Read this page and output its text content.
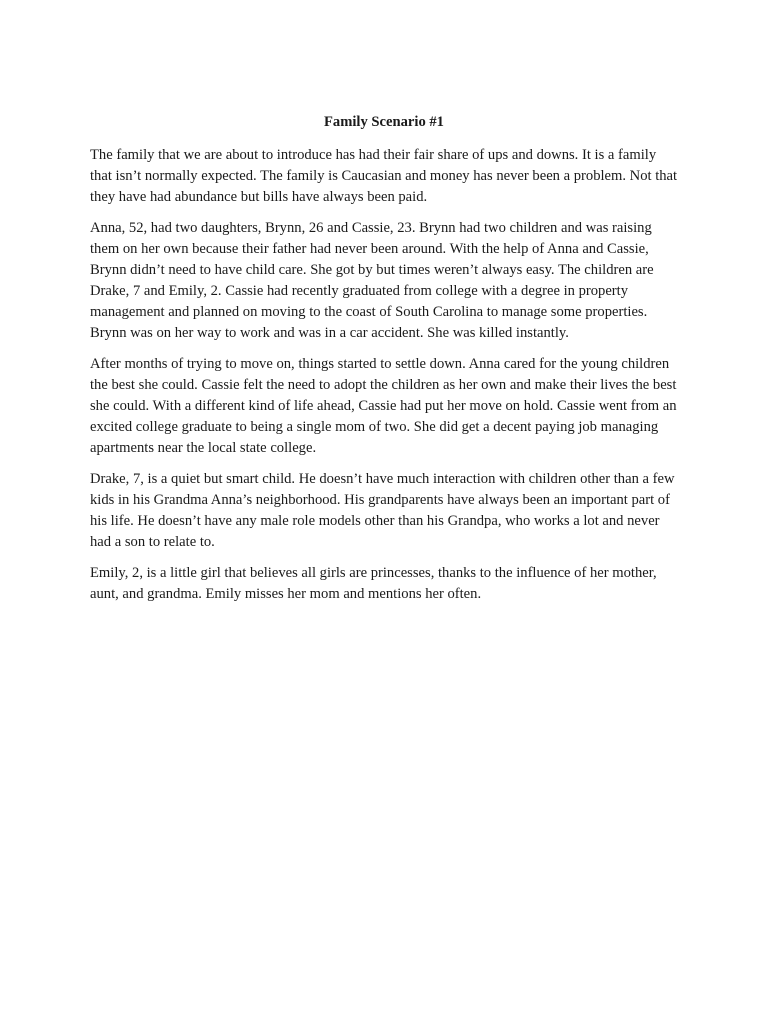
Family Scenario #1

The family that we are about to introduce has had their fair share of ups and downs. It is a family that isn’t normally expected. The family is Caucasian and money has never been a problem. Not that they have had abundance but bills have always been paid.

Anna, 52, had two daughters, Brynn, 26 and Cassie, 23. Brynn had two children and was raising them on her own because their father had never been around. With the help of Anna and Cassie, Brynn didn’t need to have child care. She got by but times weren’t always easy. The children are Drake, 7 and Emily, 2. Cassie had recently graduated from college with a degree in property management and planned on moving to the coast of South Carolina to manage some properties. Brynn was on her way to work and was in a car accident. She was killed instantly.

After months of trying to move on, things started to settle down. Anna cared for the young children the best she could. Cassie felt the need to adopt the children as her own and make their lives the best she could. With a different kind of life ahead, Cassie had put her move on hold. Cassie went from an excited college graduate to being a single mom of two. She did get a decent paying job managing apartments near the local state college.

Drake, 7, is a quiet but smart child. He doesn’t have much interaction with children other than a few kids in his Grandma Anna’s neighborhood. His grandparents have always been an important part of his life. He doesn’t have any male role models other than his Grandpa, who works a lot and never had a son to relate to.

Emily, 2, is a little girl that believes all girls are princesses, thanks to the influence of her mother, aunt, and grandma. Emily misses her mom and mentions her often.
